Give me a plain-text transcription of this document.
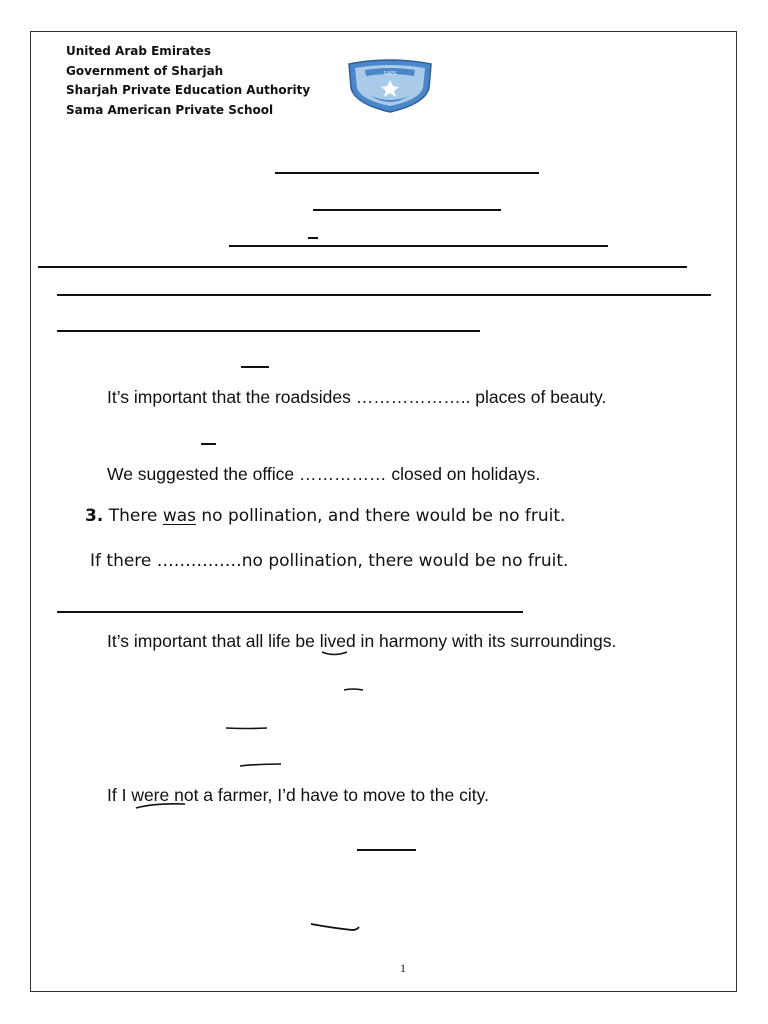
United Arab Emirates
Government of Sharjah
Sharjah Private Education Authority
Sama American Private School
SAPS
It’s important that the roadsides ……………….. places of beauty.
We suggested the office …………… closed on holidays.
3. There was no pollination, and there would be no fruit.
If there ……………no pollination, there would be no fruit.
It’s important that all life be lived in harmony with its surroundings.
If I were not a farmer, I’d have to move to the city.
1
